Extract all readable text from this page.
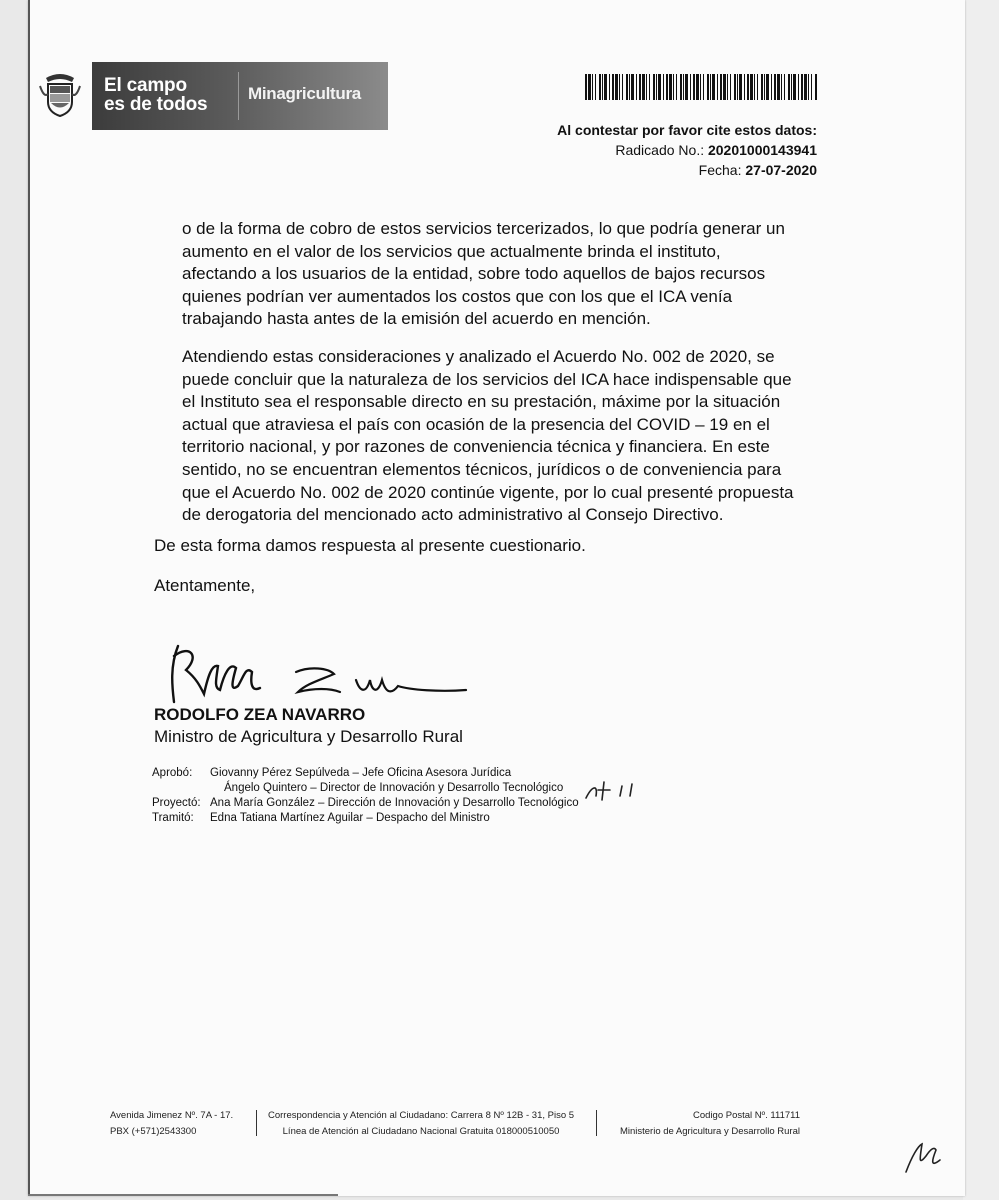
El campo
es de todos
Minagricultura
Al contestar por favor cite estos datos:
Radicado No.: 20201000143941
Fecha: 27-07-2020
o de la forma de cobro de estos servicios tercerizados, lo que podría generar un
aumento en el valor de los servicios que actualmente brinda el instituto,
afectando a los usuarios de la entidad, sobre todo aquellos de bajos recursos
quienes podrían ver aumentados los costos que con los que el ICA venía
trabajando hasta antes de la emisión del acuerdo en mención.
Atendiendo estas consideraciones y analizado el Acuerdo No. 002 de 2020, se
puede concluir que la naturaleza de los servicios del ICA hace indispensable que
el Instituto sea el responsable directo en su prestación, máxime por la situación
actual que atraviesa el país con ocasión de la presencia del COVID – 19 en el
territorio nacional, y por razones de conveniencia técnica y financiera. En este
sentido, no se encuentran elementos técnicos, jurídicos o de conveniencia para
que el Acuerdo No. 002 de 2020 continúe vigente, por lo cual presenté propuesta
de derogatoria del mencionado acto administrativo al Consejo Directivo.
De esta forma damos respuesta al presente cuestionario.
Atentamente,
RODOLFO ZEA NAVARRO
Ministro de Agricultura y Desarrollo Rural
Aprobó: Giovanny Pérez Sepúlveda – Jefe Oficina Asesora Jurídica
Ángelo Quintero – Director de Innovación y Desarrollo Tecnológico
Proyectó: Ana María González – Dirección de Innovación y Desarrollo Tecnológico
Tramitó: Edna Tatiana Martínez Aguilar – Despacho del Ministro
Avenida Jimenez Nº. 7A - 17.
PBX (+571)2543300
Correspondencia y Atención al Ciudadano: Carrera 8 Nº 12B - 31, Piso 5
Línea de Atención al Ciudadano Nacional Gratuita 018000510050
Codigo Postal Nº. 111711
Ministerio de Agricultura y Desarrollo Rural
